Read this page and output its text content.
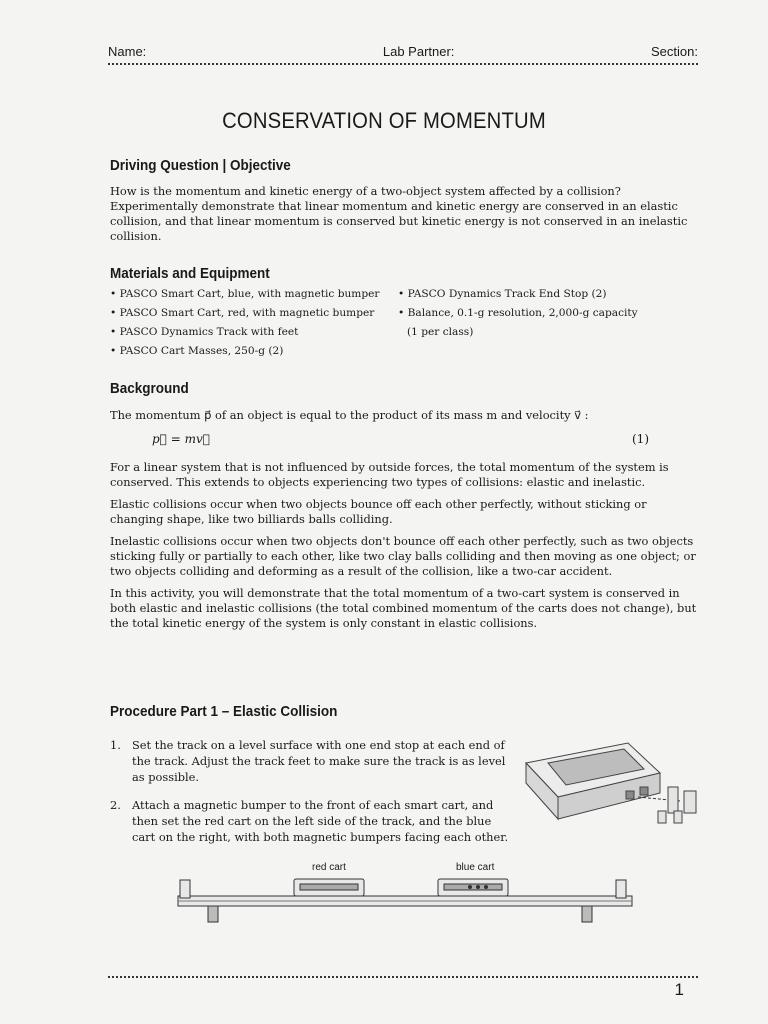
Name:	Lab Partner:	Section:
CONSERVATION OF MOMENTUM
Driving Question | Objective

How is the momentum and kinetic energy of a two-object system affected by a collision? Experimentally demonstrate that linear momentum and kinetic energy are conserved in an elastic collision, and that linear momentum is conserved but kinetic energy is not conserved in an inelastic collision.

Materials and Equipment
• PASCO Smart Cart, blue, with magnetic bumper
• PASCO Smart Cart, red, with magnetic bumper
• PASCO Dynamics Track with feet
• PASCO Cart Masses, 250-g (2)
• PASCO Dynamics Track End Stop (2)
• Balance, 0.1-g resolution, 2,000-g capacity
(1 per class)
Background

The momentum p⃗ of an object is equal to the product of its mass m and velocity v⃗ :

p⃗ = mv⃗	(1)

For a linear system that is not influenced by outside forces, the total momentum of the system is conserved. This extends to objects experiencing two types of collisions: elastic and inelastic.

Elastic collisions occur when two objects bounce off each other perfectly, without sticking or changing shape, like two billiards balls colliding.

Inelastic collisions occur when two objects don't bounce off each other perfectly, such as two objects sticking fully or partially to each other, like two clay balls colliding and then moving as one object; or two objects colliding and deforming as a result of the collision, like a two-car accident.

In this activity, you will demonstrate that the total momentum of a two-cart system is conserved in both elastic and inelastic collisions (the total combined momentum of the carts does not change), but the total kinetic energy of the system is only constant in elastic collisions.

Procedure Part 1 – Elastic Collision
1. Set the track on a level surface with one end stop at each end of the track. Adjust the track feet to make sure the track is as level as possible.
2. Attach a magnetic bumper to the front of each smart cart, and then set the red cart on the left side of the track, and the blue cart on the right, with both magnetic bumpers facing each other.
red cart	blue cart
1
